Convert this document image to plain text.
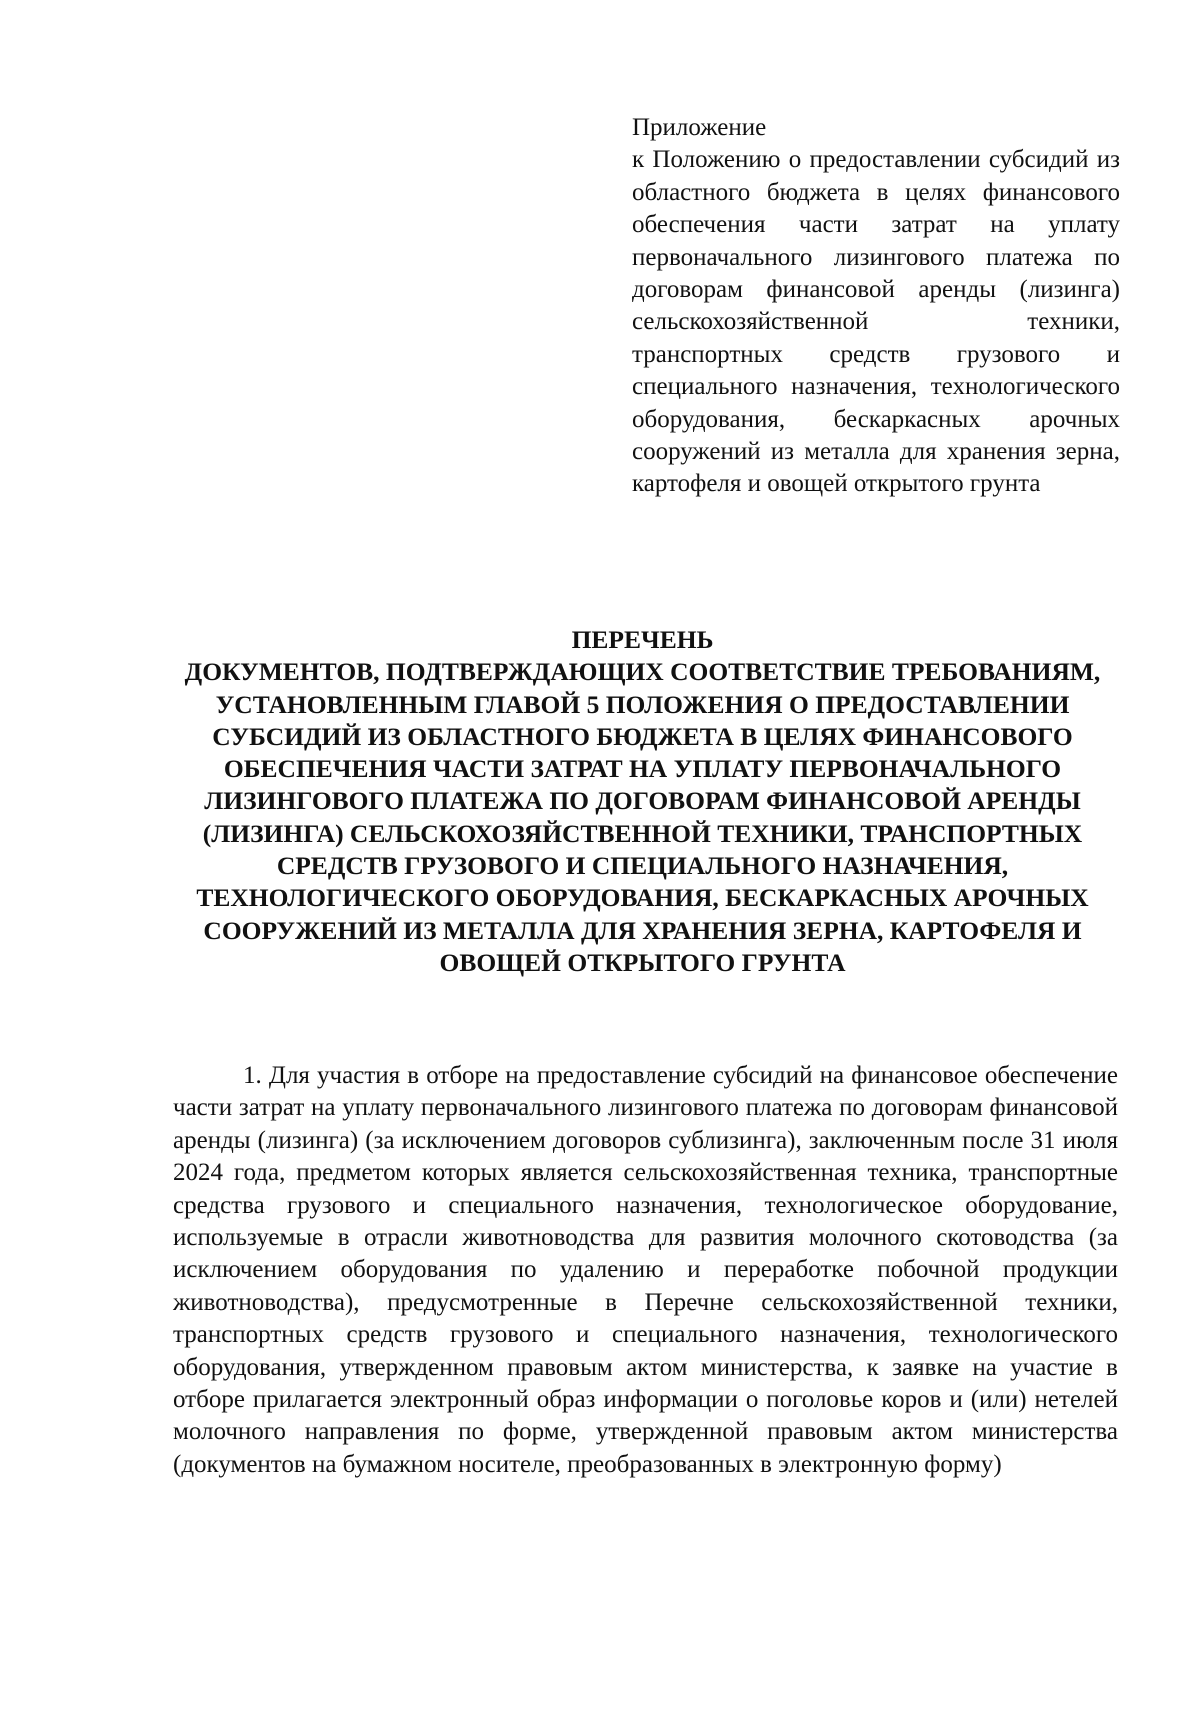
Приложение
к Положению о предоставлении субсидий из областного бюджета в целях финансового обеспечения части затрат на уплату первоначального лизингового платежа по договорам финансовой аренды (лизинга) сельскохозяйственной техники, транспортных средств грузового и специального назначения, технологического оборудования, бескаркасных арочных сооружений из металла для хранения зерна, картофеля и овощей открытого грунта
ПЕРЕЧЕНЬ
ДОКУМЕНТОВ, ПОДТВЕРЖДАЮЩИХ СООТВЕТСТВИЕ ТРЕБОВАНИЯМ, УСТАНОВЛЕННЫМ ГЛАВОЙ 5 ПОЛОЖЕНИЯ О ПРЕДОСТАВЛЕНИИ СУБСИДИЙ ИЗ ОБЛАСТНОГО БЮДЖЕТА В ЦЕЛЯХ ФИНАНСОВОГО ОБЕСПЕЧЕНИЯ ЧАСТИ ЗАТРАТ НА УПЛАТУ ПЕРВОНАЧАЛЬНОГО ЛИЗИНГОВОГО ПЛАТЕЖА ПО ДОГОВОРАМ ФИНАНСОВОЙ АРЕНДЫ (ЛИЗИНГА) СЕЛЬСКОХОЗЯЙСТВЕННОЙ ТЕХНИКИ, ТРАНСПОРТНЫХ СРЕДСТВ ГРУЗОВОГО И СПЕЦИАЛЬНОГО НАЗНАЧЕНИЯ, ТЕХНОЛОГИЧЕСКОГО ОБОРУДОВАНИЯ, БЕСКАРКАСНЫХ АРОЧНЫХ СООРУЖЕНИЙ ИЗ МЕТАЛЛА ДЛЯ ХРАНЕНИЯ ЗЕРНА, КАРТОФЕЛЯ И ОВОЩЕЙ ОТКРЫТОГО ГРУНТА

1. Для участия в отборе на предоставление субсидий на финансовое обеспечение части затрат на уплату первоначального лизингового платежа по договорам финансовой аренды (лизинга) (за исключением договоров сублизинга), заключенным после 31 июля 2024 года, предметом которых является сельскохозяйственная техника, транспортные средства грузового и специального назначения, технологическое оборудование, используемые в отрасли животноводства для развития молочного скотоводства (за исключением оборудования по удалению и переработке побочной продукции животноводства), предусмотренные в Перечне сельскохозяйственной техники, транспортных средств грузового и специального назначения, технологического оборудования, утвержденном правовым актом министерства, к заявке на участие в отборе прилагается электронный образ информации о поголовье коров и (или) нетелей молочного направления по форме, утвержденной правовым актом министерства (документов на бумажном носителе, преобразованных в электронную форму)
